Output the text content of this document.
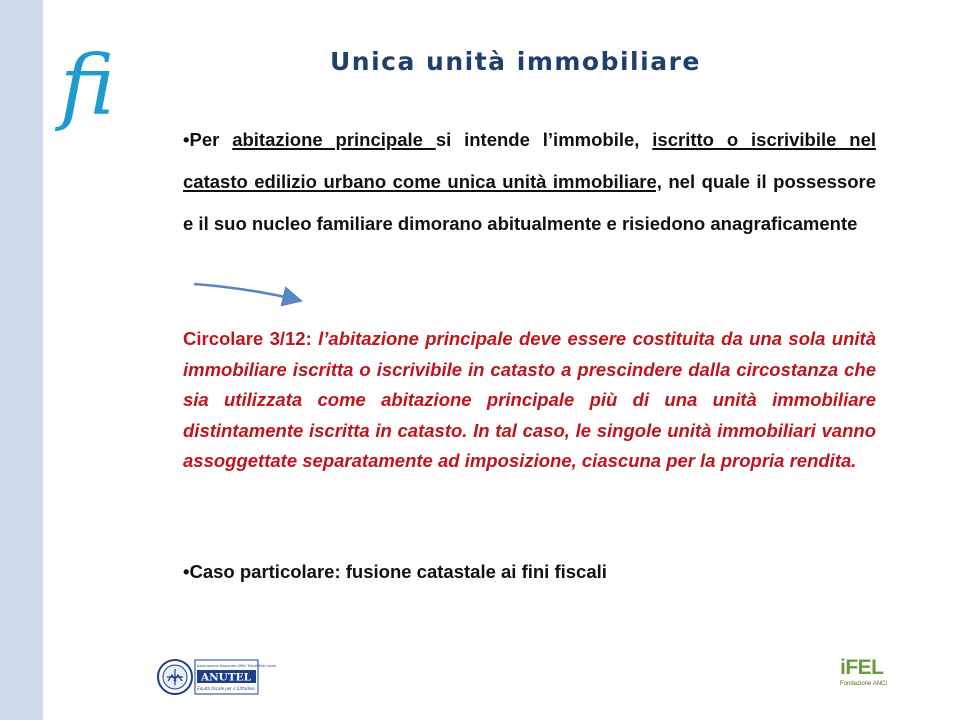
fi	Unica unità immobiliare
•Per abitazione principale si intende l’immobile, iscritto o iscrivibile nel catasto edilizio urbano come unica unità immobiliare, nel quale il possessore e il suo nucleo familiare dimorano abitualmente e risiedono anagraficamente
Circolare 3/12: l’abitazione principale deve essere costituita da una sola unità immobiliare iscritta o iscrivibile in catasto a prescindere dalla circostanza che sia utilizzata come abitazione principale più di una unità immobiliare distintamente iscritta in catasto. In tal caso, le singole unità immobiliari vanno assoggettate separatamente ad imposizione, ciascuna per la propria rendita.
•Caso particolare: fusione catastale ai fini fiscali
Associazione Nazionale Uffici Tributi Enti Locali
ANUTEL
Equità fiscale per il Cittadino
iFEL
Fondazione ANCI
